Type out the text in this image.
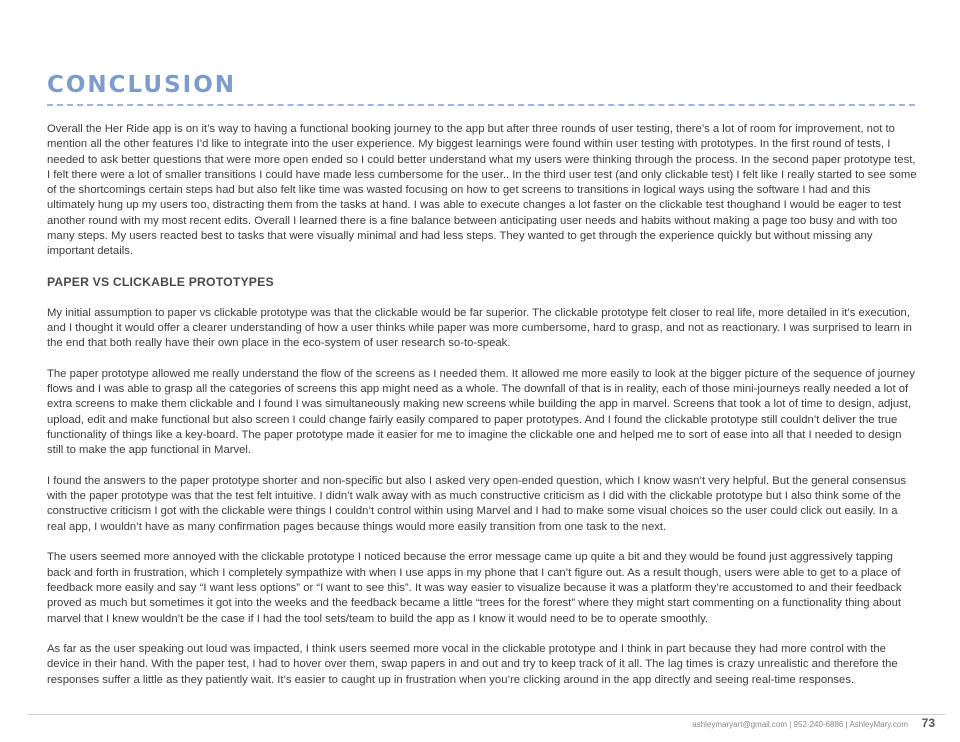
CONCLUSION

Overall the Her Ride app is on it’s way to having a functional booking journey to the app but after three rounds of user testing, there’s a lot of room for improvement, not to mention all the other features I’d like to integrate into the user experience. My biggest learnings were found within user testing with prototypes. In the first round of tests, I needed to ask better questions that were more open ended so I could better understand what my users were thinking through the process. In the second paper prototype test, I felt there were a lot of smaller transitions I could have made less cumbersome for the user.. In the third user test (and only clickable test) I felt like I really started to see some of the shortcomings certain steps had but also felt like time was wasted focusing on how to get screens to transitions in logical ways using the software I had and this ultimately hung up my users too, distracting them from the tasks at hand. I was able to execute changes a lot faster on the clickable test thoughand I would be eager to test another round with my most recent edits. Overall I learned there is a fine balance between anticipating user needs and habits without making a page too busy and with too many steps. My users reacted best to tasks that were visually minimal and had less steps. They wanted to get through the experience quickly but without missing any important details.

PAPER VS CLICKABLE PROTOTYPES

My initial assumption to paper vs clickable prototype was that the clickable would be far superior. The clickable prototype felt closer to real life, more detailed in it’s execution, and I thought it would offer a clearer understanding of how a user thinks while paper was more cumbersome, hard to grasp, and not as reactionary. I was surprised to learn in the end that both really have their own place in the eco-system of user research so-to-speak.

The paper prototype allowed me really understand the flow of the screens as I needed them. It allowed me more easily to look at the bigger picture of the sequence of journey flows and I was able to grasp all the categories of screens this app might need as a whole. The downfall of that is in reality, each of those mini-journeys really needed a lot of extra screens to make them clickable and I found I was simultaneously making new screens while building the app in marvel. Screens that took a lot of time to design, adjust, upload, edit and make functional but also screen I could change fairly easily compared to paper prototypes. And I found the clickable prototype still couldn’t deliver the true functionality of things like a key-board. The paper prototype made it easier for me to imagine the clickable one and helped me to sort of ease into all that I needed to design still to make the app functional in Marvel.

I found the answers to the paper prototype shorter and non-specific but also I asked very open-ended question, which I know wasn’t very helpful. But the general consensus with the paper prototype was that the test felt intuitive. I didn’t walk away with as much constructive criticism as I did with the clickable prototype but I also think some of the constructive criticism I got with the clickable were things I couldn’t control within using Marvel and I had to make some visual choices so the user could click out easily. In a real app, I wouldn’t have as many confirmation pages because things would more easily transition from one task to the next.

The users seemed more annoyed with the clickable prototype I noticed because the error message came up quite a bit and they would be found just aggressively tapping back and forth in frustration, which I completely sympathize with when I use apps in my phone that I can’t figure out. As a result though, users were able to get to a place of feedback more easily and say “I want less options” or “I want to see this”. It was way easier to visualize because it was a platform they’re accustomed to and their feedback proved as much but sometimes it got into the weeks and the feedback became a little “trees for the forest” where they might start commenting on a functionality thing about marvel that I knew wouldn’t be the case if I had the tool sets/team to build the app as I know it would need to be to operate smoothly.

As far as the user speaking out loud was impacted, I think users seemed more vocal in the clickable prototype and I think in part because they had more control with the device in their hand. With the paper test, I had to hover over them, swap papers in and out and try to keep track of it all. The lag times is crazy unrealistic and therefore the responses suffer a little as they patiently wait. It’s easier to caught up in frustration when you’re clicking around in the app directly and seeing real-time responses.

ashleymaryart@gmail.com | 952-240-6886 | AshleyMary.com 73
